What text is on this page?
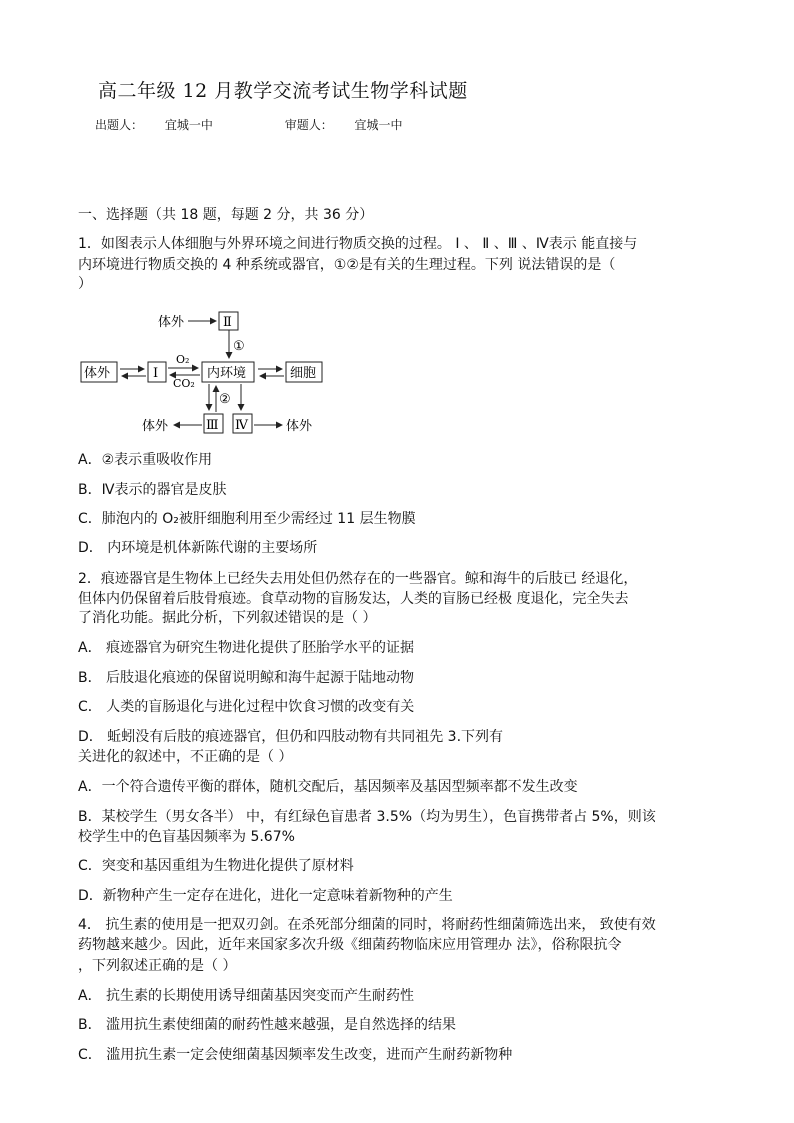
高二年级 12 月教学交流考试生物学科试题
出题人： 宜城一中	审题人： 宜城一中
一、选择题（共 18 题，每题 2 分，共 36 分）
1．如图表示人体细胞与外界环境之间进行物质交换的过程。 Ⅰ 、 Ⅱ 、Ⅲ 、Ⅳ表示 能直接与
内环境进行物质交换的 4 种系统或器官，①②是有关的生理过程。下列 说法错误的是（
）
体外	Ⅱ
①
体外	Ⅰ
O₂
CO₂
内环境	细胞
②
体外	Ⅲ Ⅳ	体外
A．②表示重吸收作用
B．Ⅳ表示的器官是皮肤
C．肺泡内的 O₂被肝细胞利用至少需经过 11 层生物膜
D． 内环境是机体新陈代谢的主要场所
2．痕迹器官是生物体上已经失去用处但仍然存在的一些器官。鲸和海牛的后肢已 经退化，
但体内仍保留着后肢骨痕迹。食草动物的盲肠发达，人类的盲肠已经极 度退化，完全失去
了消化功能。据此分析，下列叙述错误的是（ ）
A． 痕迹器官为研究生物进化提供了胚胎学水平的证据
B． 后肢退化痕迹的保留说明鲸和海牛起源于陆地动物
C． 人类的盲肠退化与进化过程中饮食习惯的改变有关
D． 蚯蚓没有后肢的痕迹器官，但仍和四肢动物有共同祖先 3.下列有
关进化的叙述中，不正确的是（ ）
A．一个符合遗传平衡的群体，随机交配后，基因频率及基因型频率都不发生改变
B．某校学生（男女各半） 中，有红绿色盲患者 3.5%（均为男生），色盲携带者占 5%，则该
校学生中的色盲基因频率为 5.67%
C．突变和基因重组为生物进化提供了原材料
D．新物种产生一定存在进化，进化一定意味着新物种的产生
4． 抗生素的使用是一把双刃剑。在杀死部分细菌的同时，将耐药性细菌筛选出来， 致使有效
药物越来越少。因此，近年来国家多次升级《细菌药物临床应用管理办 法》，俗称限抗令
，下列叙述正确的是（ ）
A． 抗生素的长期使用诱导细菌基因突变而产生耐药性
B． 滥用抗生素使细菌的耐药性越来越强，是自然选择的结果
C． 滥用抗生素一定会使细菌基因频率发生改变，进而产生耐药新物种
